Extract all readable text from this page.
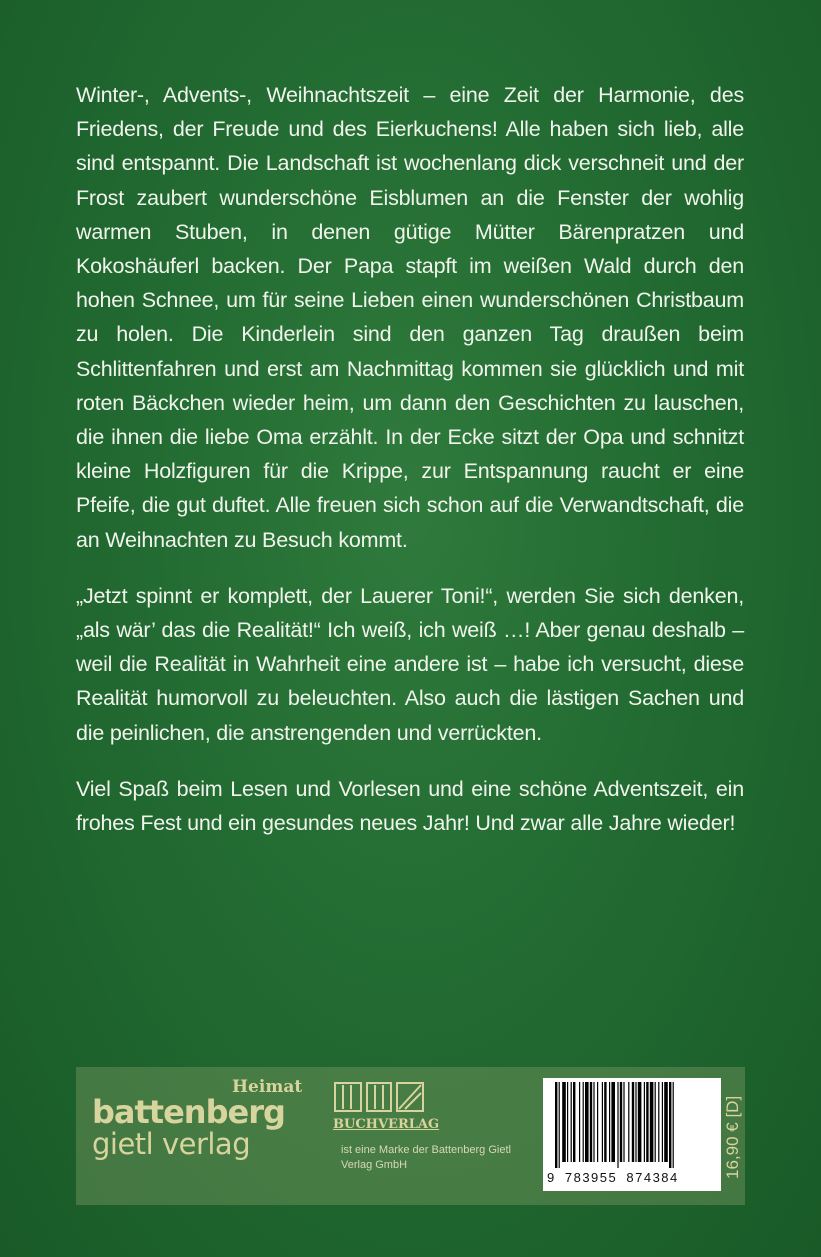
Winter-, Advents-, Weihnachtszeit – eine Zeit der Harmonie, des Friedens, der Freude und des Eierkuchens! Alle haben sich lieb, alle sind entspannt. Die Landschaft ist wochenlang dick verschneit und der Frost zaubert wunderschöne Eisblumen an die Fenster der wohlig warmen Stuben, in denen gütige Mütter Bärenpratzen und Kokoshäuferl backen. Der Papa stapft im weißen Wald durch den hohen Schnee, um für seine Lieben einen wunderschönen Christbaum zu holen. Die Kinderlein sind den ganzen Tag draußen beim Schlittenfahren und erst am Nachmittag kommen sie glücklich und mit roten Bäckchen wieder heim, um dann den Geschichten zu lauschen, die ihnen die liebe Oma erzählt. In der Ecke sitzt der Opa und schnitzt kleine Holzfiguren für die Krippe, zur Entspannung raucht er eine Pfeife, die gut duftet. Alle freuen sich schon auf die Verwandtschaft, die an Weihnachten zu Besuch kommt.

„Jetzt spinnt er komplett, der Lauerer Toni!“, werden Sie sich denken, „als wär’ das die Realität!“ Ich weiß, ich weiß …! Aber genau deshalb – weil die Realität in Wahrheit eine andere ist – habe ich versucht, diese Realität humorvoll zu beleuchten. Also auch die lästigen Sachen und die peinlichen, die anstrengenden und verrückten.

Viel Spaß beim Lesen und Vorlesen und eine schöne Adventszeit, ein frohes Fest und ein gesundes neues Jahr! Und zwar alle Jahre wieder!

Heimat
battenberg
gietl verlag
BUCHVERLAG
ist eine Marke der Battenberg Gietl Verlag GmbH
9 783955 874384	16,90 € [D]
